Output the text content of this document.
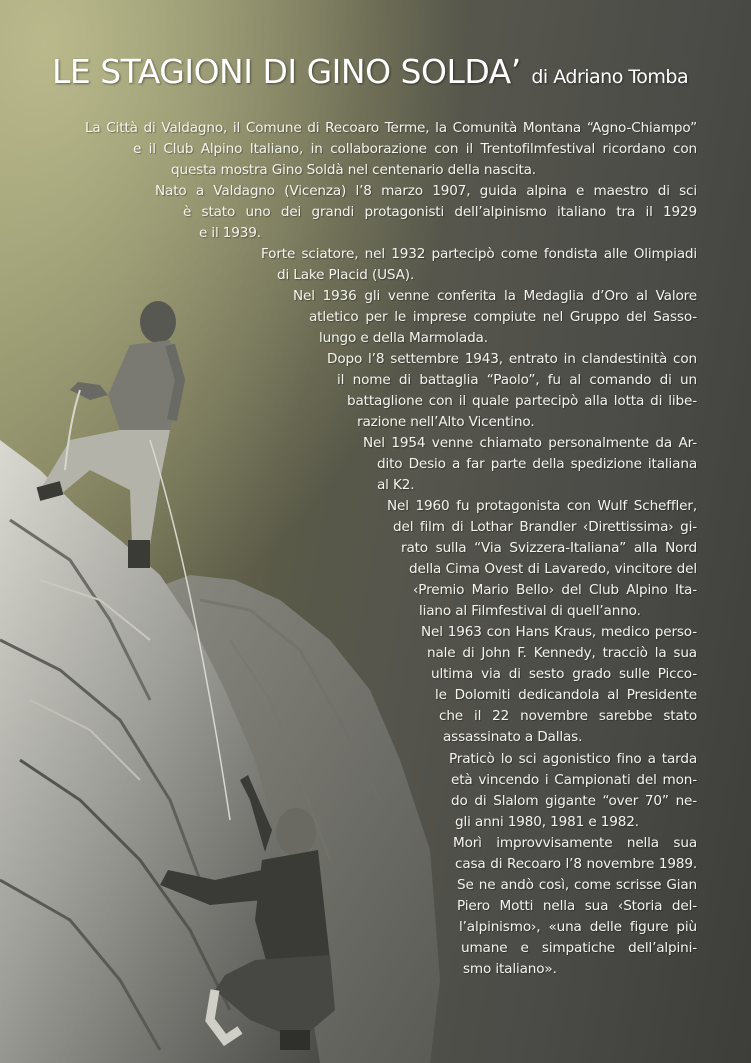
LE STAGIONI DI GINO SOLDA’ di Adriano Tomba

La Città di Valdagno, il Comune di Recoaro Terme, la Comunità Montana “Agno-Chiampo”
e il Club Alpino Italiano, in collaborazione con il Trentofilmfestival ricordano con
questa mostra Gino Soldà nel centenario della nascita.

Nato a Valdagno (Vicenza) l’8 marzo 1907, guida alpina e maestro di sci
è stato uno dei grandi protagonisti dell’alpinismo italiano tra il 1929
e il 1939.

Forte sciatore, nel 1932 partecipò come fondista alle Olimpiadi
di Lake Placid (USA).

Nel 1936 gli venne conferita la Medaglia d’Oro al Valore
atletico per le imprese compiute nel Gruppo del Sasso-
lungo e della Marmolada.

Dopo l’8 settembre 1943, entrato in clandestinità con
il nome di battaglia “Paolo”, fu al comando di un
battaglione con il quale partecipò alla lotta di libe-
razione nell’Alto Vicentino.

Nel 1954 venne chiamato personalmente da Ar-
dito Desio a far parte della spedizione italiana
al K2.

Nel 1960 fu protagonista con Wulf Scheffler,
del film di Lothar Brandler ‹Direttissima› gi-
rato sulla “Via Svizzera-Italiana” alla Nord
della Cima Ovest di Lavaredo, vincitore del
‹Premio Mario Bello› del Club Alpino Ita-
liano al Filmfestival di quell’anno.

Nel 1963 con Hans Kraus, medico perso-
nale di John F. Kennedy, tracciò la sua
ultima via di sesto grado sulle Picco-
le Dolomiti dedicandola al Presidente
che il 22 novembre sarebbe stato
assassinato a Dallas.

Praticò lo sci agonistico fino a tarda
età vincendo i Campionati del mon-
do di Slalom gigante “over 70” ne-
gli anni 1980, 1981 e 1982.

Morì improvvisamente nella sua
casa di Recoaro l’8 novembre 1989.
Se ne andò così, come scrisse Gian
Piero Motti nella sua ‹Storia del-
l’alpinismo›, «una delle figure più
umane e simpatiche dell’alpini-
smo italiano».
